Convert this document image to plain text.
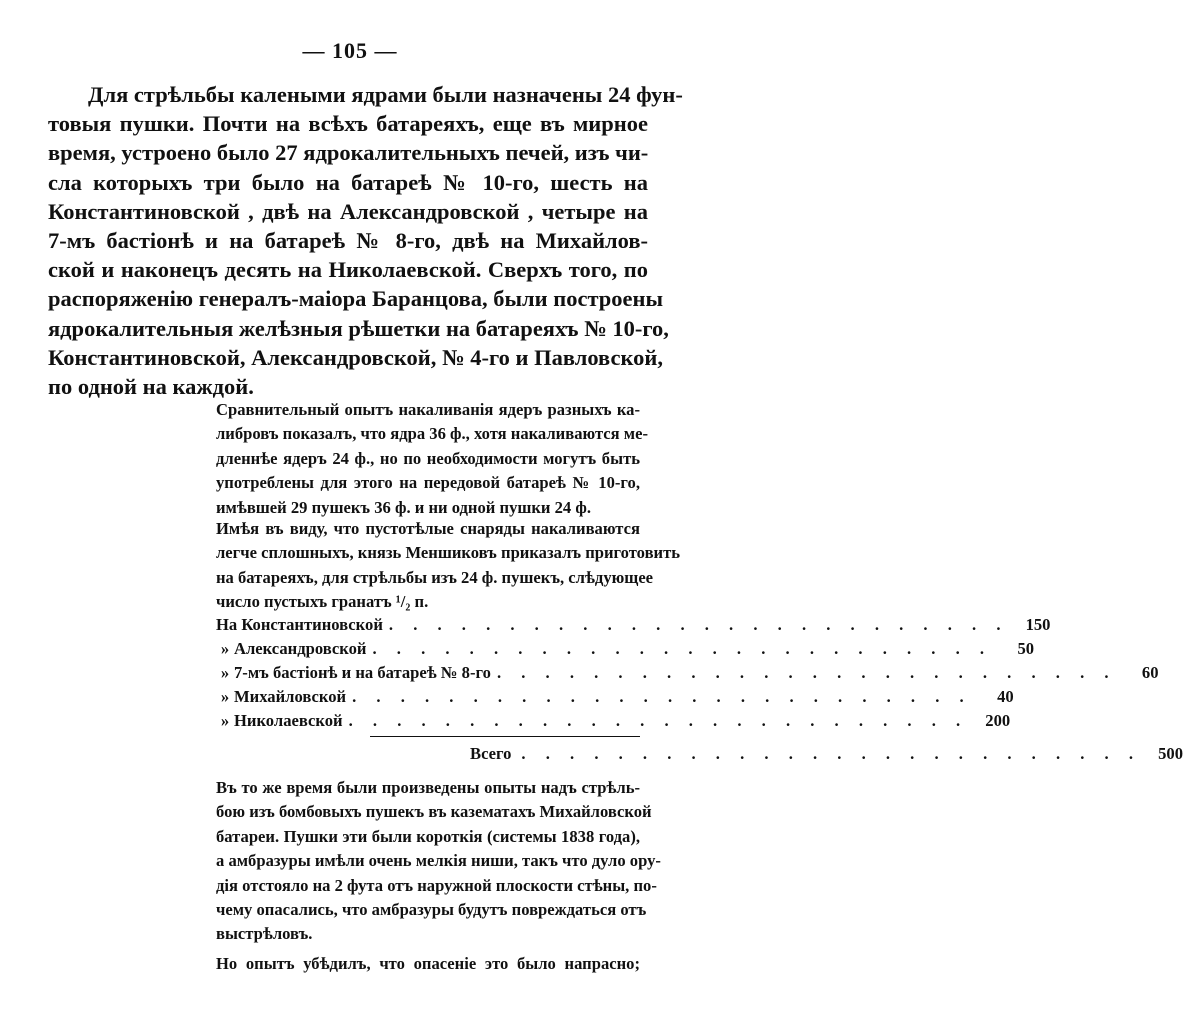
— 105 —
Для стрѣльбы калеными ядрами были назначены 24 фун-
товыя пушки. Почти на всѣхъ батареяхъ, еще въ мирное
время, устроено было 27 ядрокалительныхъ печей, изъ чи-
сла которыхъ три было на батареѣ № 10-го, шесть на
Константиновской , двѣ на Александровской , четыре на
7-мъ бастіонѣ и на батареѣ № 8-го, двѣ на Михайлов-
ской и наконецъ десять на Николаевской. Сверхъ того, по
распоряженію генералъ-маіора Баранцова, были построены
ядрокалительныя желѣзныя рѣшетки на батареяхъ № 10-го,
Константиновской, Александровской, № 4-го и Павловской,
по одной на каждой.
Сравнительный опытъ накаливанія ядеръ разныхъ ка-
либровъ показалъ, что ядра 36 ф., хотя накаливаются ме-
дленнѣе ядеръ 24 ф., но по необходимости могутъ быть
употреблены для этого на передовой батареѣ № 10-го,
имѣвшей 29 пушекъ 36 ф. и ни одной пушки 24 ф.
Имѣя въ виду, что пустотѣлые снаряды накаливаются
легче сплошныхъ, князь Меншиковъ приказалъ приготовить
на батареяхъ, для стрѣльбы изъ 24 ф. пушекъ, слѣдующее
число пустыхъ гранатъ ¹/₂ п.
На Константиновской . . . . . . . . . . . . . . . . . . . . . . . . . .	150
» Александровской . . . . . . . . . . . . . . . . . . . . . . . . . .	50
» 7-мъ бастіонѣ и на батареѣ № 8-го . . . . . . . . . . . . . . . . . . . . . . . . . .	60
» Михайловской . . . . . . . . . . . . . . . . . . . . . . . . . .	40
» Николаевской . . . . . . . . . . . . . . . . . . . . . . . . . .	200
Всего . . . . . . . . . . . . . . . . . . . . . . . . . .	500
Въ то же время были произведены опыты надъ стрѣль-
бою изъ бомбовыхъ пушекъ въ казематахъ Михайловской
батареи. Пушки эти были короткія (системы 1838 года),
а амбразуры имѣли очень мелкія ниши, такъ что дуло ору-
дія отстояло на 2 фута отъ наружной плоскости стѣны, по-
чему опасались, что амбразуры будутъ повреждаться отъ
выстрѣловъ.
Но опытъ убѣдилъ, что опасеніе это было напрасно;
